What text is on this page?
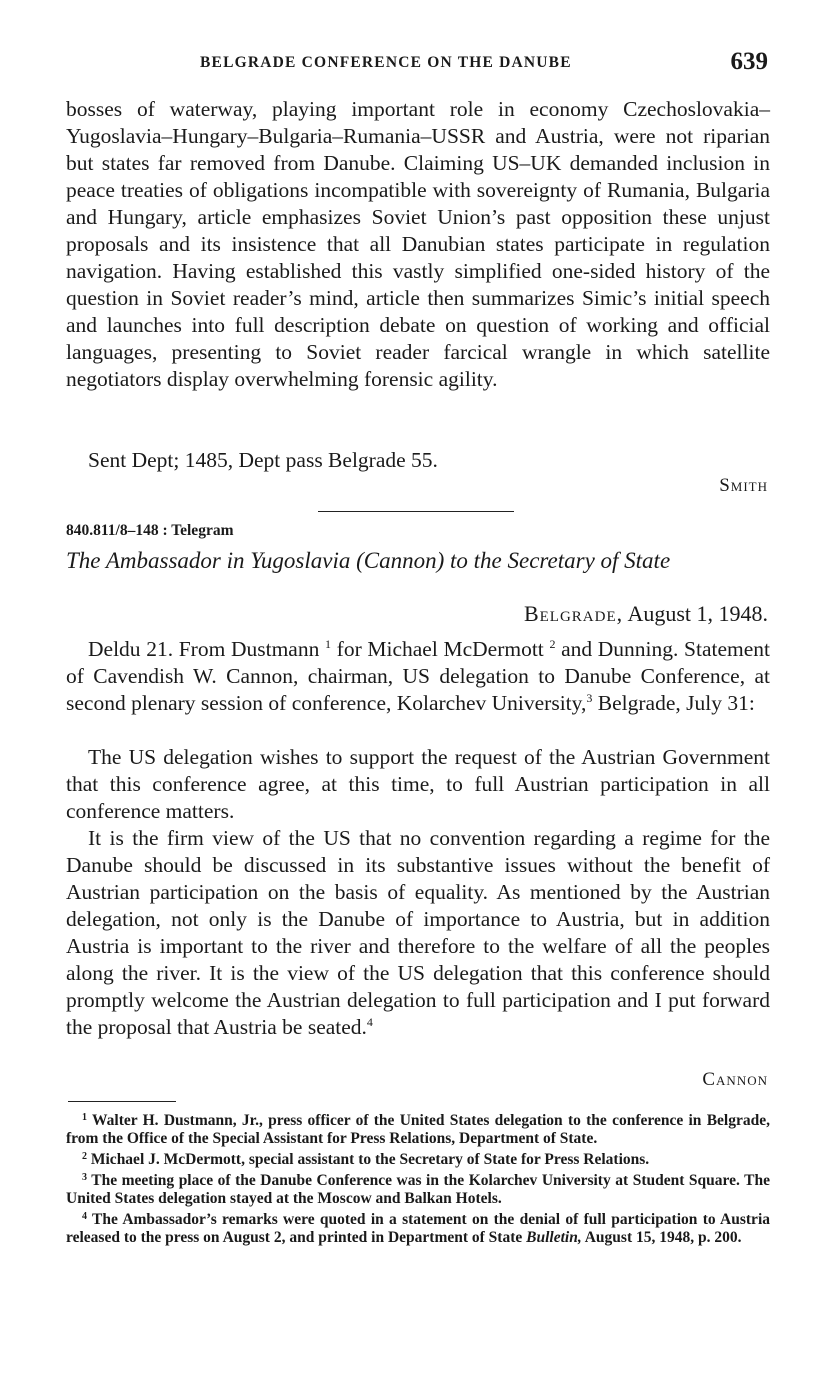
BELGRADE CONFERENCE ON THE DANUBE	639

bosses of waterway, playing important role in economy Czechoslovakia–Yugoslavia–Hungary–Bulgaria–Rumania–USSR and Austria, were not riparian but states far removed from Danube. Claiming US–UK demanded inclusion in peace treaties of obligations incompatible with sovereignty of Rumania, Bulgaria and Hungary, article emphasizes Soviet Union’s past opposition these unjust proposals and its insistence that all Danubian states participate in regulation navigation. Having established this vastly simplified one-sided history of the question in Soviet reader’s mind, article then summarizes Simic’s initial speech and launches into full description debate on question of working and official languages, presenting to Soviet reader farcical wrangle in which satellite negotiators display overwhelming forensic agility.

Sent Dept; 1485, Dept pass Belgrade 55.

Smith
840.811/8–148 : Telegram
The Ambassador in Yugoslavia (Cannon) to the Secretary of State
Belgrade, August 1, 1948.

Deldu 21. From Dustmann $^1$ for Michael McDermott $^2$ and Dunning. Statement of Cavendish W. Cannon, chairman, US delegation to Danube Conference, at second plenary session of conference, Kolarchev University,$^3$ Belgrade, July 31:

The US delegation wishes to support the request of the Austrian Government that this conference agree, at this time, to full Austrian participation in all conference matters.

It is the firm view of the US that no convention regarding a regime for the Danube should be discussed in its substantive issues without the benefit of Austrian participation on the basis of equality. As mentioned by the Austrian delegation, not only is the Danube of importance to Austria, but in addition Austria is important to the river and therefore to the welfare of all the peoples along the river. It is the view of the US delegation that this conference should promptly welcome the Austrian delegation to full participation and I put forward the proposal that Austria be seated.$^4$

Cannon

$^1$ Walter H. Dustmann, Jr., press officer of the United States delegation to the conference in Belgrade, from the Office of the Special Assistant for Press Relations, Department of State.

$^2$ Michael J. McDermott, special assistant to the Secretary of State for Press Relations.

$^3$ The meeting place of the Danube Conference was in the Kolarchev University at Student Square. The United States delegation stayed at the Moscow and Balkan Hotels.

$^4$ The Ambassador’s remarks were quoted in a statement on the denial of full participation to Austria released to the press on August 2, and printed in Department of State Bulletin, August 15, 1948, p. 200.
